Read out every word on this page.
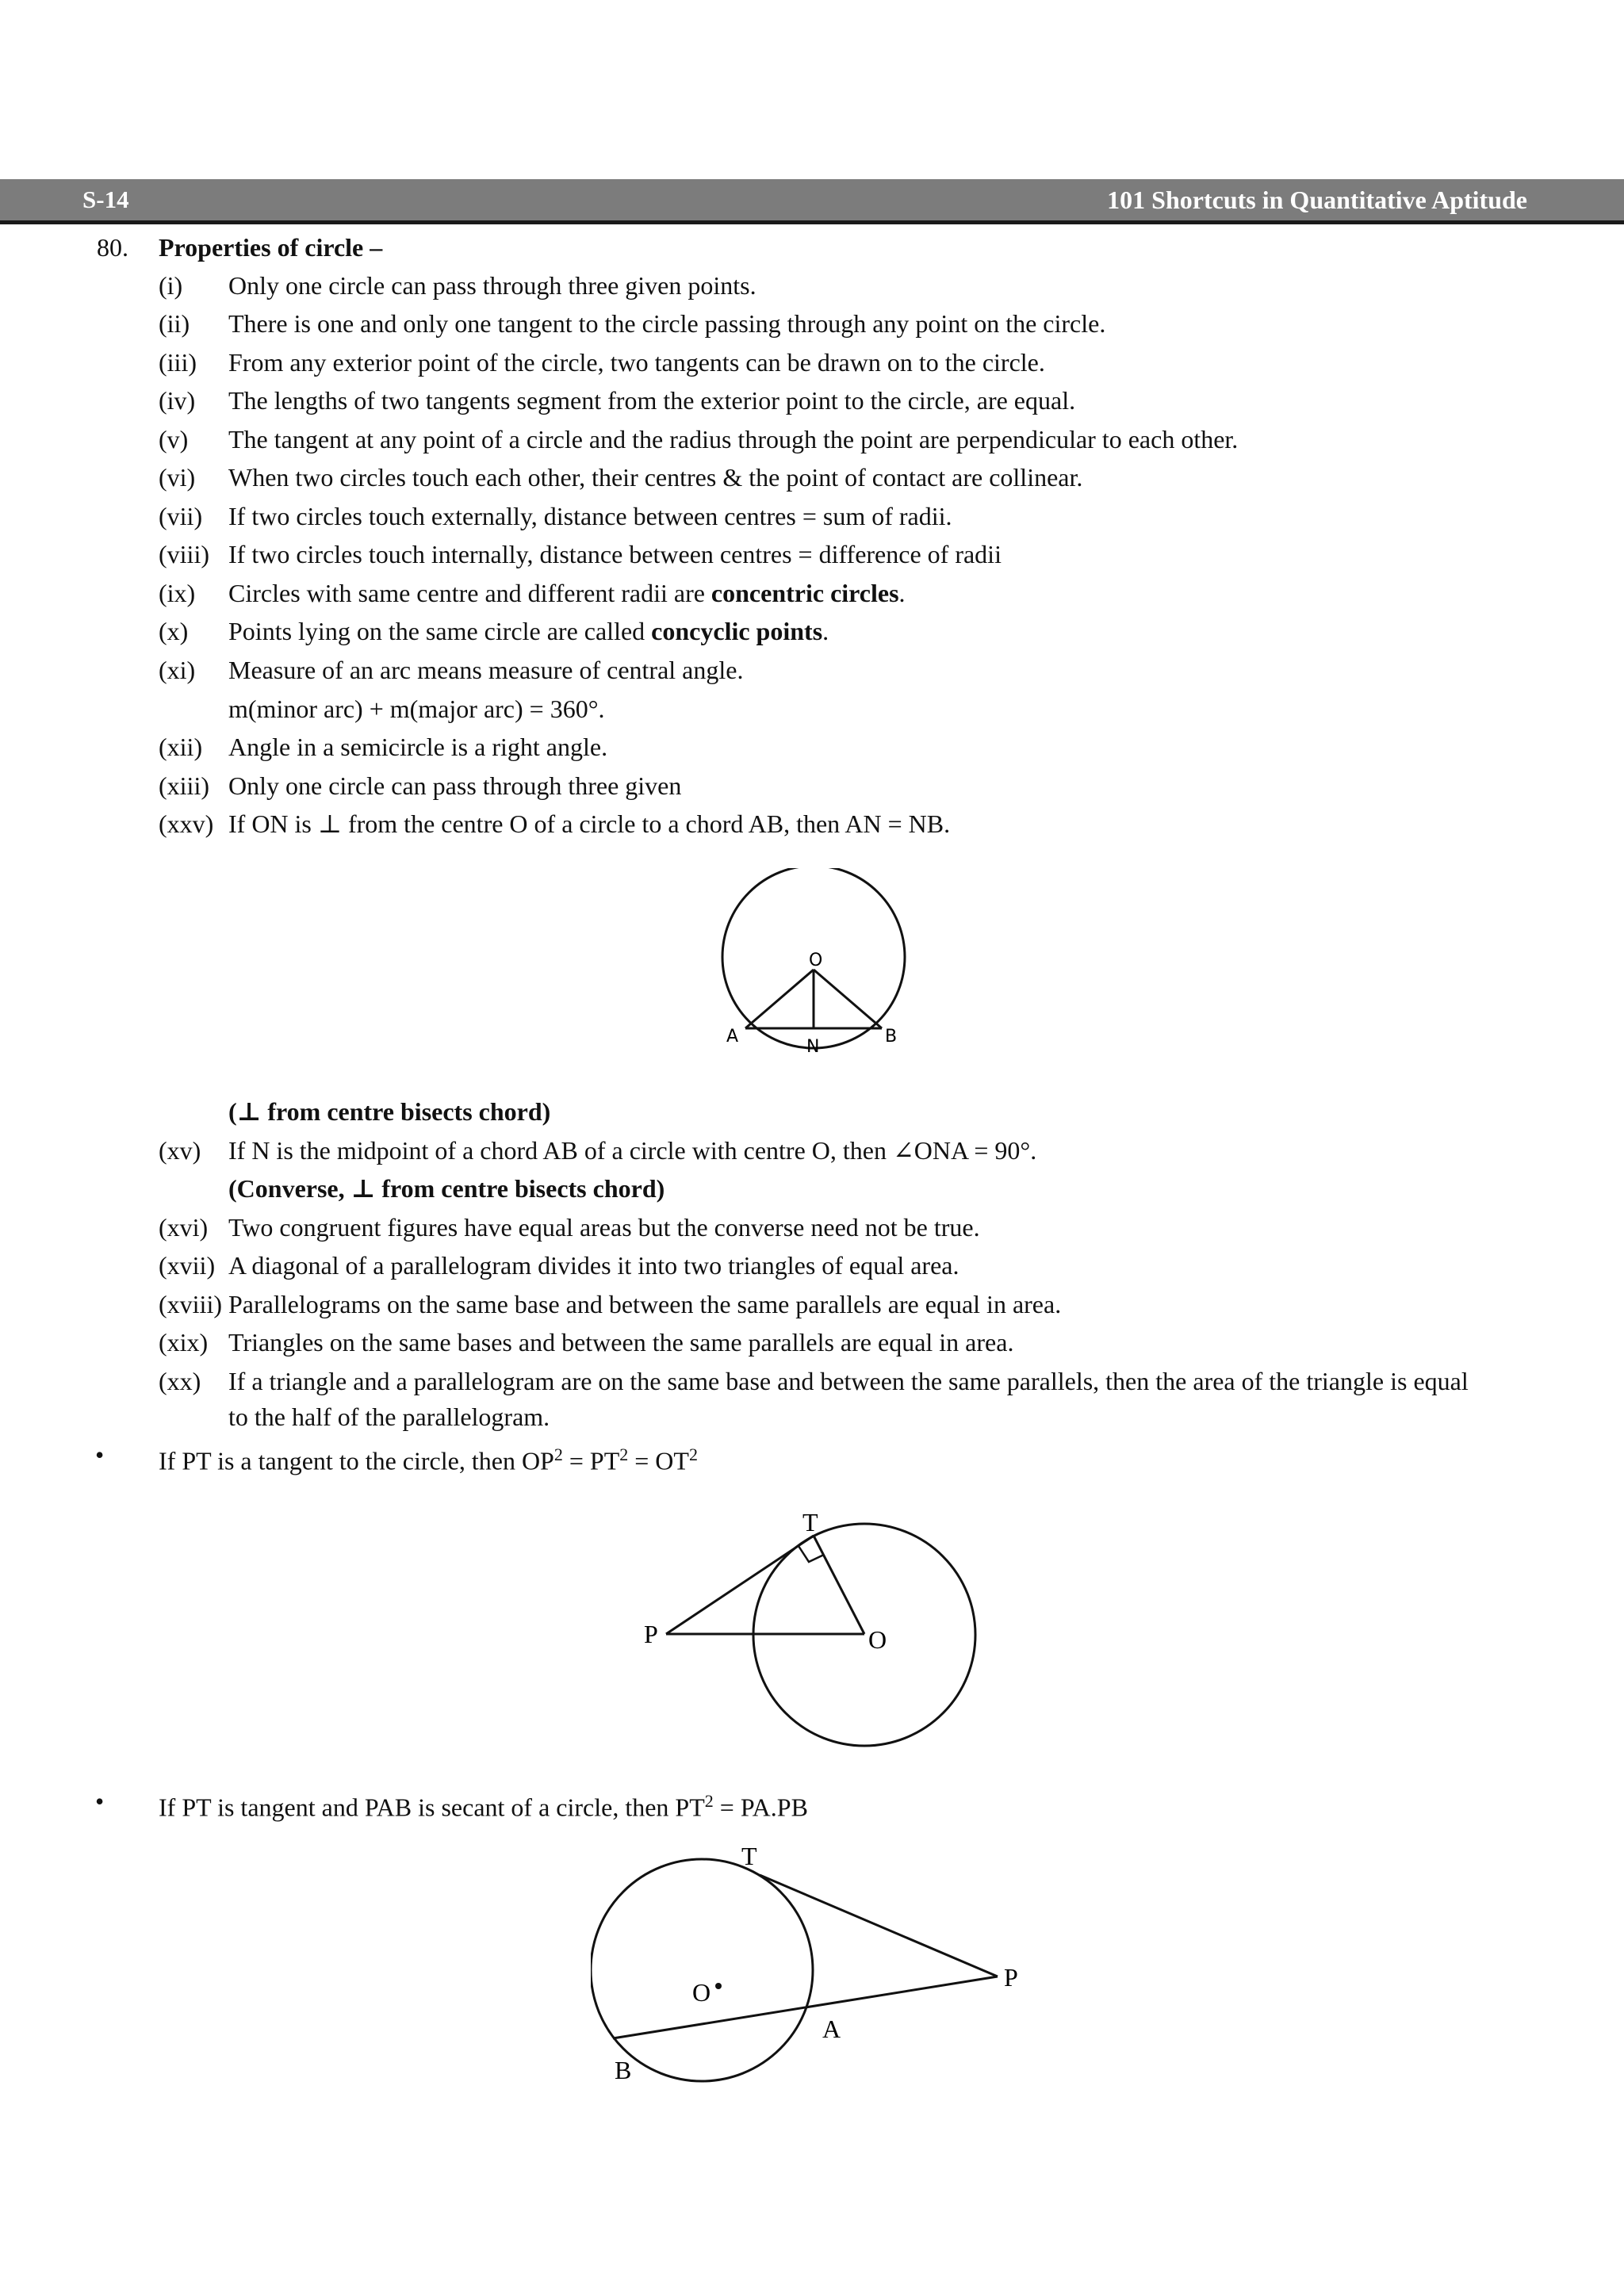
S-14	101 Shortcuts in Quantitative Aptitude
80. Properties of circle –
(i) Only one circle can pass through three given points.
(ii) There is one and only one tangent to the circle passing through any point on the circle.
(iii) From any exterior point of the circle, two tangents can be drawn on to the circle.
(iv) The lengths of two tangents segment from the exterior point to the circle, are equal.
(v) The tangent at any point of a circle and the radius through the point are perpendicular to each other.
(vi) When two circles touch each other, their centres & the point of contact are collinear.
(vii) If two circles touch externally, distance between centres = sum of radii.
(viii) If two circles touch internally, distance between centres = difference of radii
(ix) Circles with same centre and different radii are concentric circles.
(x) Points lying on the same circle are called concyclic points.
(xi) Measure of an arc means measure of central angle.
m(minor arc) + m(major arc) = 360°.
(xii) Angle in a semicircle is a right angle.
(xiii) Only one circle can pass through three given
(xxv) If ON is ⊥ from the centre O of a circle to a chord AB, then AN = NB.
O
A
N
B
(⊥ from centre bisects chord)
(xv) If N is the midpoint of a chord AB of a circle with centre O, then ∠ONA = 90°.
(Converse, ⊥ from centre bisects chord)
(xvi) Two congruent figures have equal areas but the converse need not be true.
(xvii) A diagonal of a parallelogram divides it into two triangles of equal area.
(xviii) Parallelograms on the same base and between the same parallels are equal in area.
(xix) Triangles on the same bases and between the same parallels are equal in area.
(xx) If a triangle and a parallelogram are on the same base and between the same parallels, then the area of the triangle is equal
to the half of the parallelogram.
• If PT is a tangent to the circle, then $OP^2 = PT^2 = OT^2$
T
P	O
• If PT is tangent and PAB is secant of a circle, then $PT^2 = PA.PB$
T
P
O
A
B
